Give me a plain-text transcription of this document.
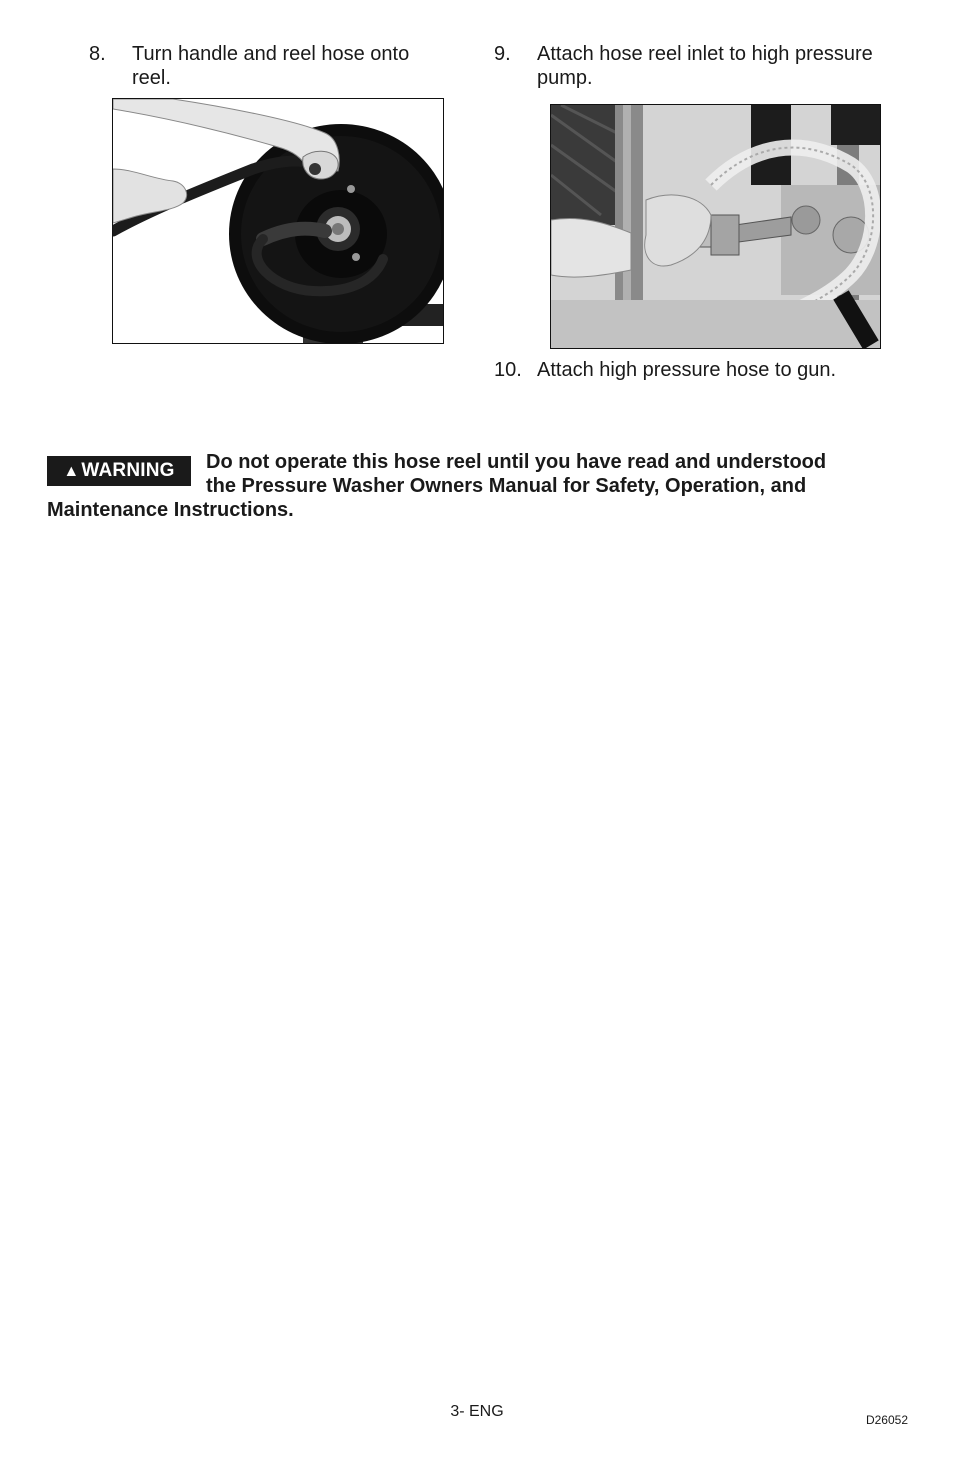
8. Turn handle and reel hose onto
reel.
9. Attach hose reel inlet to high pressure
pump.
10. Attach high pressure hose to gun.
▲ WARNING	Do not operate this hose reel until you have read and understood
the Pressure Washer Owners Manual for Safety, Operation, and
Maintenance Instructions.
3- ENG	D26052
